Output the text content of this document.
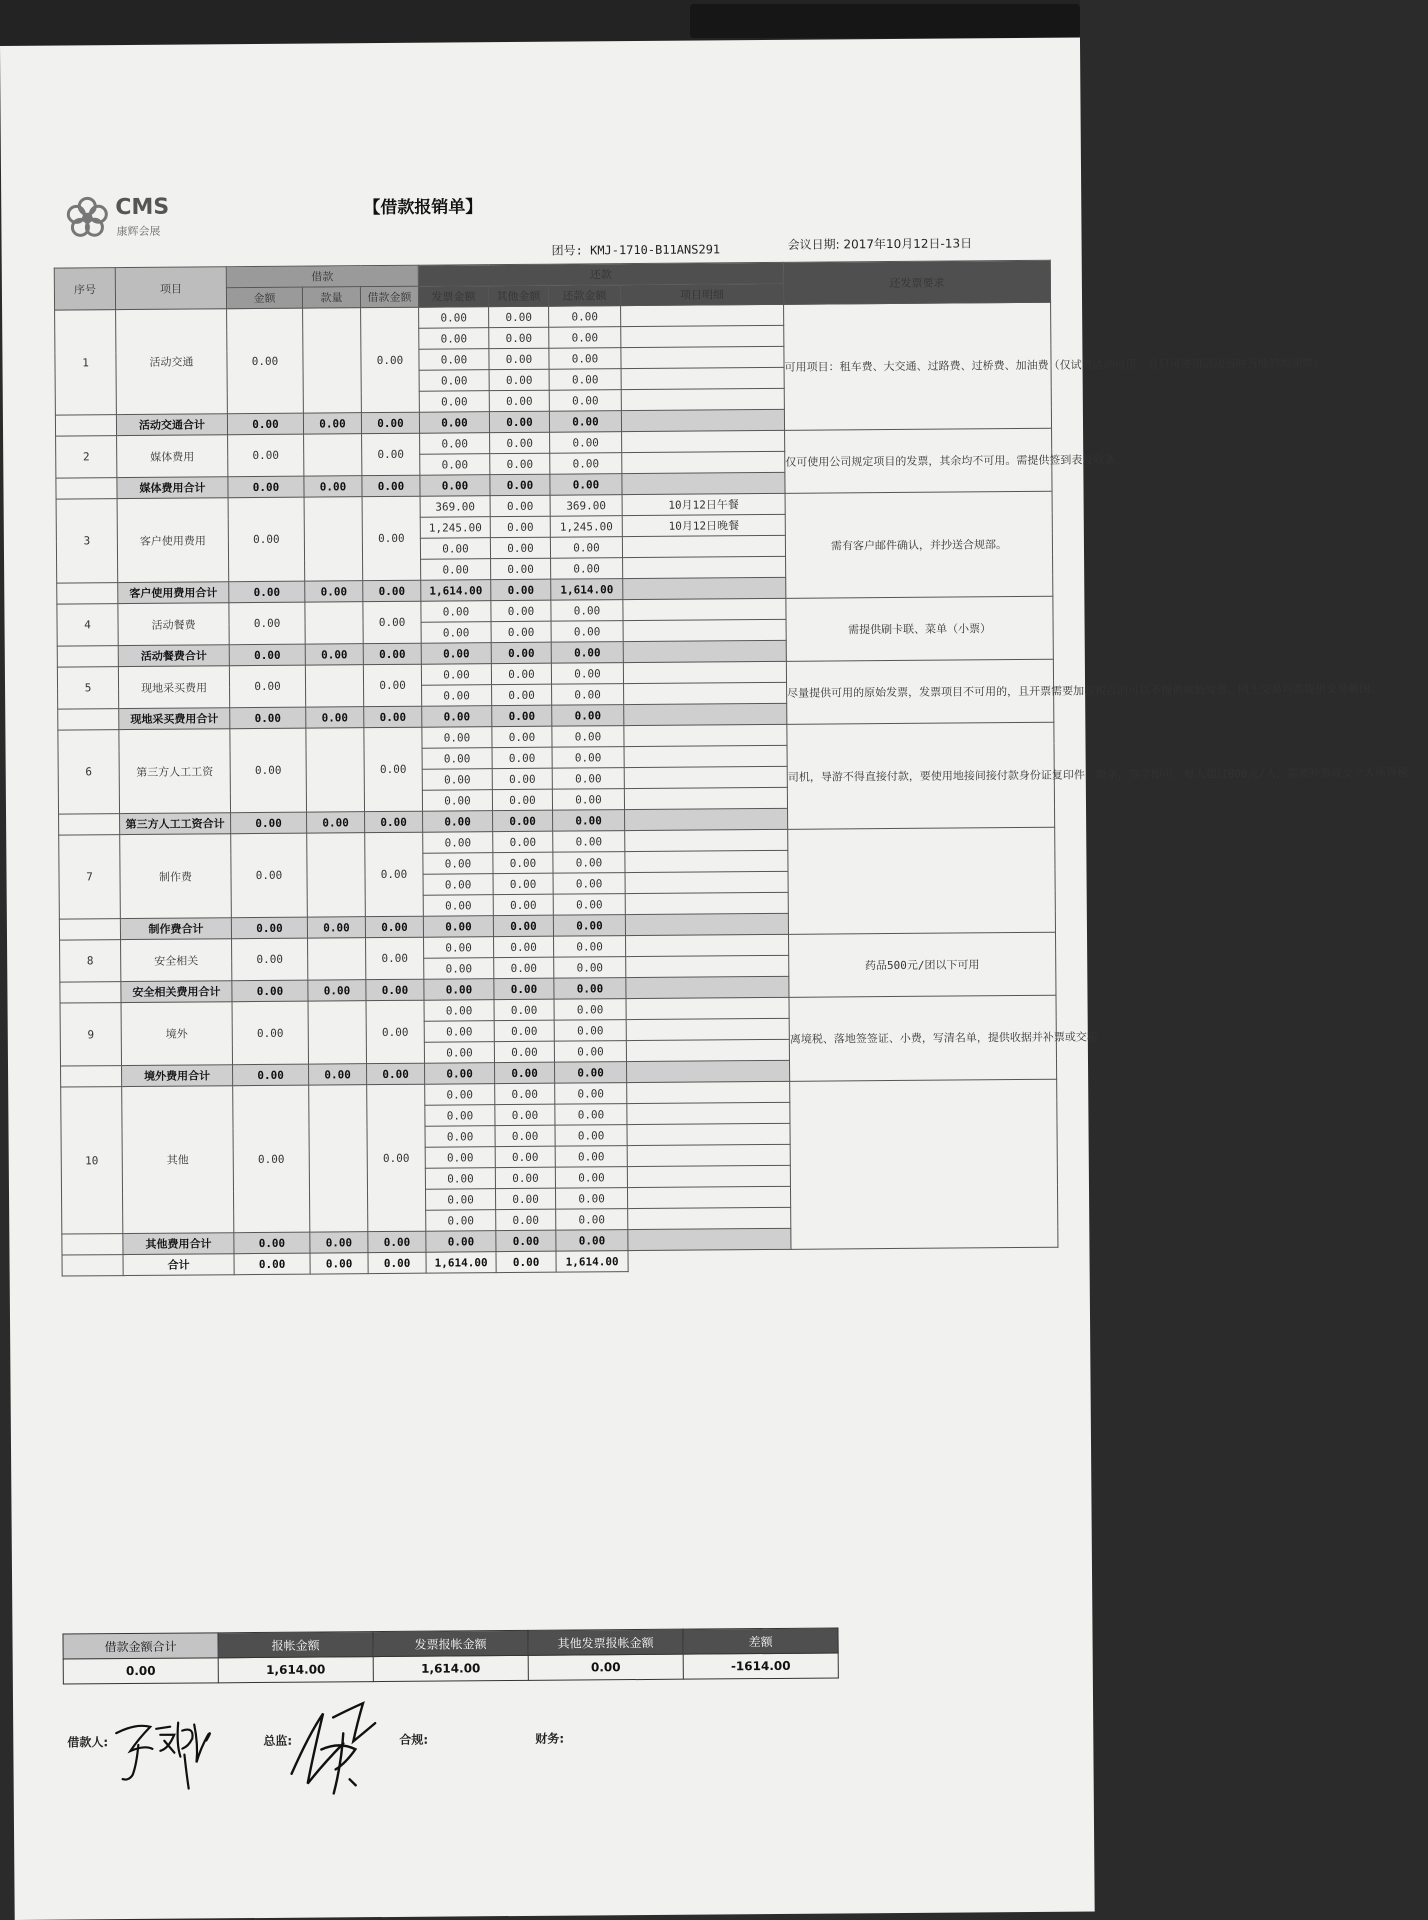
CMS
康辉会展
【借款报销单】
团号: KMJ-1710-B11ANS291	会议日期: 2017年10月12日-13日
序号	项目	借款			还款				还发票要求
		金额	款量	借款金额	发票金额	其他金额	还款金额	项目明细	
1	活动交通	0.00		0.00	0.00	0.00	0.00		可用项目：租车费、大交通、过路费、过桥费、加油费（仅试驾活动可用，且只可使用活动当时当地的加油票）
					0.00	0.00	0.00		
					0.00	0.00	0.00		
					0.00	0.00	0.00		
					0.00	0.00	0.00		
	活动交通合计	0.00	0.00	0.00	0.00	0.00	0.00		
2	媒体费用	0.00		0.00	0.00	0.00	0.00		仅可使用公司规定项目的发票，其余均不可用。需提供签到表及收条。
					0.00	0.00	0.00		
	媒体费用合计	0.00	0.00	0.00	0.00	0.00	0.00		
3	客户使用费用	0.00		0.00	369.00	0.00	369.00	10月12日午餐	需有客户邮件确认，并抄送合规部。
					1,245.00	0.00	1,245.00	10月12日晚餐	
					0.00	0.00	0.00		
					0.00	0.00	0.00		
	客户使用费用合计	0.00	0.00	0.00	1,614.00	0.00	1,614.00		
4	活动餐费	0.00		0.00	0.00	0.00	0.00		需提供刷卡联、菜单（小票）
					0.00	0.00	0.00		
	活动餐费合计	0.00	0.00	0.00	0.00	0.00	0.00		
5	现地采买费用	0.00		0.00	0.00	0.00	0.00		尽量提供可用的原始发票，发票项目不可用的，且开票需要加收税点的可以不提供原始发票。网上交易均需提供交易截图。
					0.00	0.00	0.00		
	现地采买费用合计	0.00	0.00	0.00	0.00	0.00	0.00		
6	第三方人工工资	0.00		0.00	0.00	0.00	0.00		司机，导游不得直接付款，要使用地接间接付款身份证复印件，收条，签字即可，每人超过800元/人，需要补票或交个人所得税。
					0.00	0.00	0.00		
					0.00	0.00	0.00		
					0.00	0.00	0.00		
	第三方人工工资合计	0.00	0.00	0.00	0.00	0.00	0.00		
7	制作费	0.00		0.00	0.00	0.00	0.00		
					0.00	0.00	0.00		
					0.00	0.00	0.00		
					0.00	0.00	0.00		
	制作费合计	0.00	0.00	0.00	0.00	0.00	0.00		
8	安全相关	0.00		0.00	0.00	0.00	0.00		药品500元/团以下可用
					0.00	0.00	0.00		
	安全相关费用合计	0.00	0.00	0.00	0.00	0.00	0.00		
9	境外	0.00		0.00	0.00	0.00	0.00		离境税、落地签签证、小费，写清名单，提供收据并补票或交税
					0.00	0.00	0.00		
					0.00	0.00	0.00		
	境外费用合计	0.00	0.00	0.00	0.00	0.00	0.00		
10	其他	0.00		0.00	0.00	0.00	0.00		
					0.00	0.00	0.00		
					0.00	0.00	0.00		
					0.00	0.00	0.00		
					0.00	0.00	0.00		
					0.00	0.00	0.00		
					0.00	0.00	0.00		
	其他费用合计	0.00	0.00	0.00	0.00	0.00	0.00		
	合计	0.00	0.00	0.00	1,614.00	0.00	1,614.00		
借款金额合计	报帐金额	发票报帐金额	其他发票报帐金额	差额
0.00	1,614.00	1,614.00	0.00	-1614.00
借款人:	总监:	合规:	财务:
